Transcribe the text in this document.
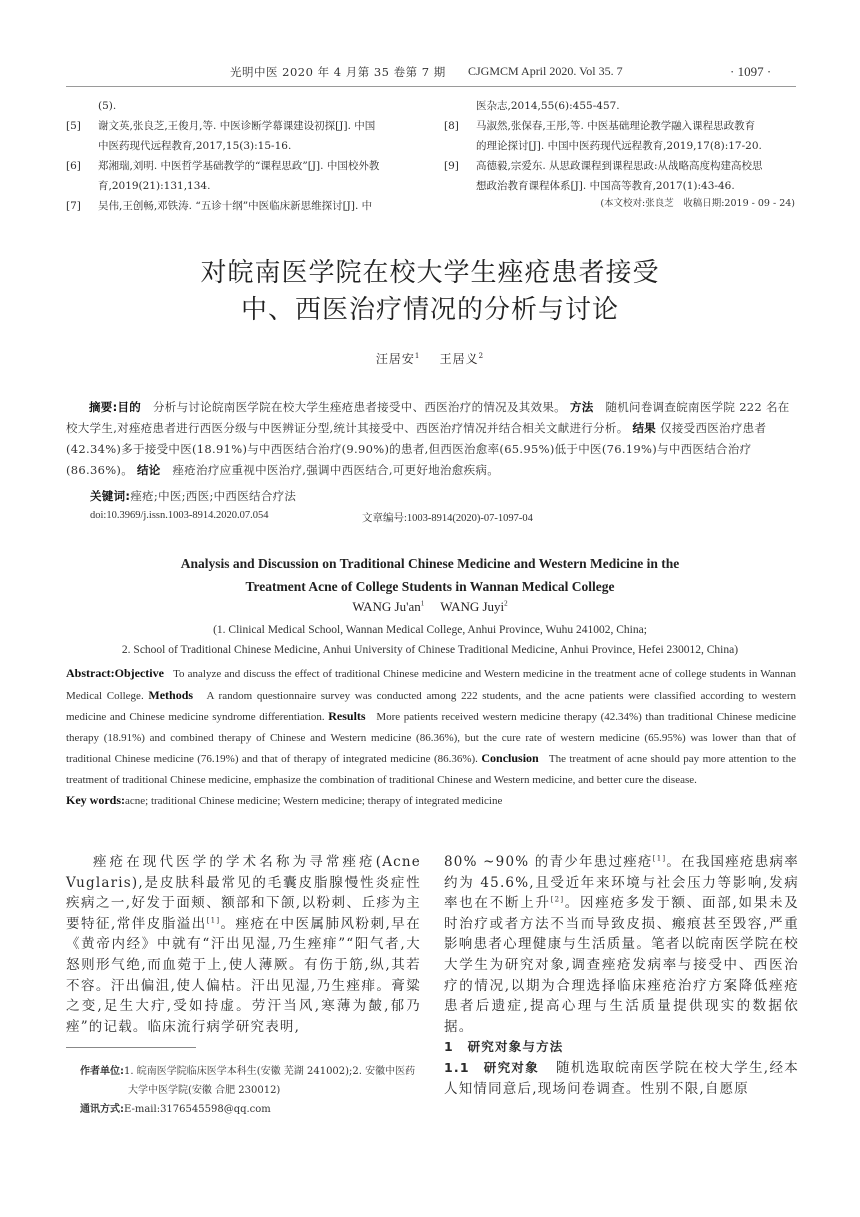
光明中医 2020 年 4 月第 35 卷第 7 期 CJGMCM April 2020. Vol 35. 7	· 1097 ·
(5).
[5] 谢文英,张良芝,王俊月,等. 中医诊断学幕课建设初探[J]. 中国
中医药现代远程教育,2017,15(3):15-16.
[6] 郑湘瑞,刘明. 中医哲学基础教学的“课程思政”[J]. 中国校外教
育,2019(21):131,134.
[7] 吴伟,王创畅,邓铁涛. “五诊十纲”中医临床新思维探讨[J]. 中
医杂志,2014,55(6):455-457.
[8] 马淑然,张保春,王彤,等. 中医基础理论教学融入课程思政教育
的理论探讨[J]. 中国中医药现代远程教育,2019,17(8):17-20.
[9] 高德毅,宗爱东. 从思政课程到课程思政:从战略高度构建高校思
想政治教育课程体系[J]. 中国高等教育,2017(1):43-46.
(本文校对:张良芝　收稿日期:2019 - 09 - 24)
对皖南医学院在校大学生痤疮患者接受
中、西医治疗情况的分析与讨论
汪居安$^1$ 王居义$^2$
摘要:目的 分析与讨论皖南医学院在校大学生痤疮患者接受中、西医治疗的情况及其效果。 方法 随机问卷调查皖南医学院 222 名在校大学生,对痤疮患者进行西医分级与中医辨证分型,统计其接受中、西医治疗情况并结合相关文献进行分析。 结果 仅接受西医治疗患者(42.34%)多于接受中医(18.91%)与中西医结合治疗(9.90%)的患者,但西医治愈率(65.95%)低于中医(76.19%)与中西医结合治疗(86.36%)。 结论 痤疮治疗应重视中医治疗,强调中西医结合,可更好地治愈疾病。
关键词:痤疮;中医;西医;中西医结合疗法
doi:10.3969/j.issn.1003-8914.2020.07.054	文章编号:1003-8914(2020)-07-1097-04
Analysis and Discussion on Traditional Chinese Medicine and Western Medicine in the
Treatment Acne of College Students in Wannan Medical College
WANG $Ju'an^1$ WANG Juyi$^2$
(1. Clinical Medical School, Wannan Medical College, Anhui Province, Wuhu 241002, China;
2. School of Traditional Chinese Medicine, Anhui University of Chinese Traditional Medicine, Anhui Province, Hefei 230012, China)
Abstract:Objective To analyze and discuss the effect of traditional Chinese medicine and Western medicine in the treatment acne of college students in Wannan Medical College. Methods A random questionnaire survey was conducted among 222 students, and the acne patients were classified according to western medicine and Chinese medicine syndrome differentiation. Results More patients received western medicine therapy (42.34%) than traditional Chinese medicine therapy (18.91%) and combined therapy of Chinese and Western medicine (86.36%), but the cure rate of western medicine (65.95%) was lower than that of traditional Chinese medicine (76.19%) and that of therapy of integrated medicine (86.36%). Conclusion The treatment of acne should pay more attention to the treatment of traditional Chinese medicine, emphasize the combination of traditional Chinese and Western medicine, and better cure the disease.
Key words:acne; traditional Chinese medicine; Western medicine; therapy of integrated medicine
痤疮在现代医学的学术名称为寻常痤疮(Acne Vuglaris),是皮肤科最常见的毛囊皮脂腺慢性炎症性疾病之一,好发于面颊、额部和下颌,以粉刺、丘疹为主要特征,常伴皮脂溢出[1]。痤疮在中医属肺风粉刺,早在《黄帝内经》中就有“汗出见湿,乃生痤痱”“阳气者,大怒则形气绝,而血菀于上,使人薄厥。有伤于筋,纵,其若不容。汗出偏沮,使人偏枯。汗出见湿,乃生痤痱。膏粱之变,足生大疔,受如持虚。劳汗当风,寒薄为皶,郁乃痤”的记载。临床流行病学研究表明,
作者单位:1. 皖南医学院临床医学本科生(安徽 芜湖 241002);2. 安徽中医药大学中医学院(安徽 合肥 230012)
通讯方式:E-mail:3176545598@qq.com
80% ~90% 的青少年患过痤疮[1]。在我国痤疮患病率约为 45.6%,且受近年来环境与社会压力等影响,发病率也在不断上升[2]。因痤疮多发于额、面部,如果未及时治疗或者方法不当而导致皮损、瘢痕甚至毁容,严重影响患者心理健康与生活质量。笔者以皖南医学院在校大学生为研究对象,调查痤疮发病率与接受中、西医治疗的情况,以期为合理选择临床痤疮治疗方案降低痤疮患者后遗症,提高心理与生活质量提供现实的数据依据。
1　研究对象与方法
1.1　研究对象 随机选取皖南医学院在校大学生,经本人知情同意后,现场问卷调查。性别不限,自愿原
